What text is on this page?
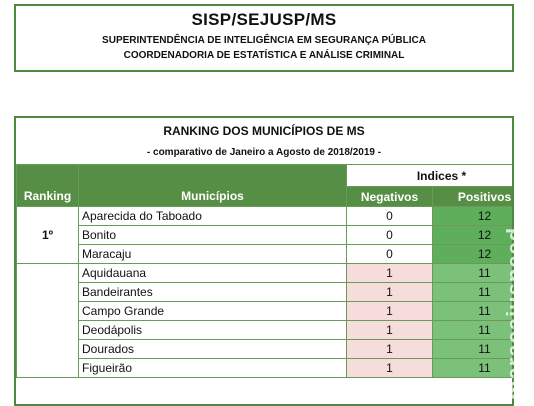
SISP/SEJUSP/MS
SUPERINTENDÊNCIA DE INTELIGÊNCIA EM SEGURANÇA PÚBLICA
COORDENADORIA DE ESTATÍSTICA E ANÁLISE CRIMINAL
RANKING DOS MUNICÍPIOS DE MS
- comparativo de Janeiro a Agosto de 2018/2019 -
Ranking	Municípios	Indices *	
		Negativos	Positivos
1º	Aparecida do Taboado	0	12
	Bonito	0	12
	Maracaju	0	12
	Aquidauana	1	11
	Bandeirantes	1	11
	Campo Grande	1	11
	Deodápolis	1	11
	Dourados	1	11
	Figueirão	1	11 maracajuspeed
